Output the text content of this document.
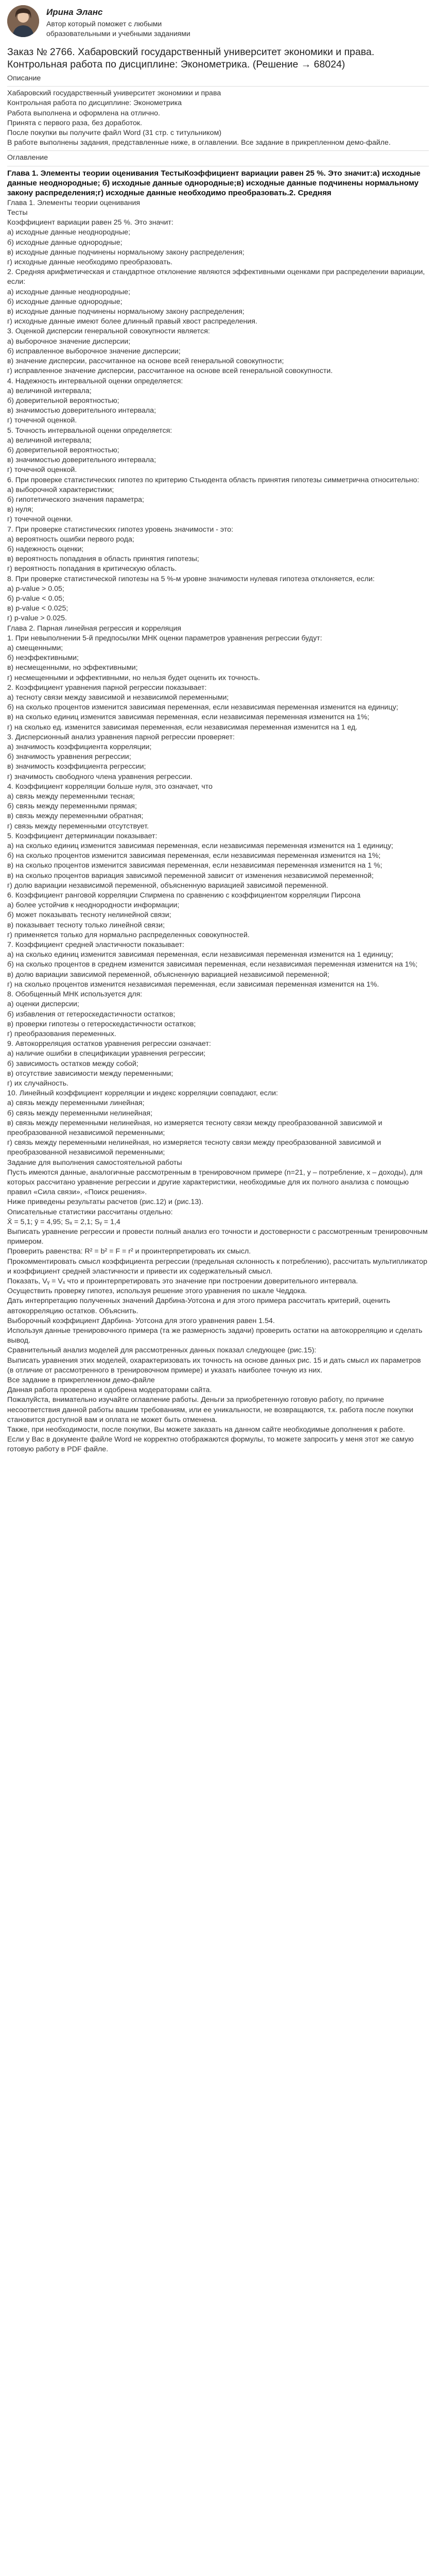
Ирина Эланс
Автор который поможет с любыми образовательными и учебными заданиями
Заказ № 2766. Хабаровский государственный университет экономики и права. Контрольная работа по дисциплине: Эконометрика. (Решение → 68024)

Описание

Хабаровский государственный университет экономики и права

Контрольная работа по дисциплине: Эконометрика

Работа выполнена и оформлена на отлично.

Принята с первого раза, без доработок.

После покупки вы получите файл Word (31 стр. с титульником)

В работе выполнены задания, представленные ниже, в оглавлении. Все задание в прикрепленном демо-файле.

Оглавление

Глава 1. Элементы теории оценивания ТестыКоэффициент вариации равен 25 %. Это значит:а) исходные данные неоднородные; б) исходные данные однородные;в) исходные данные подчинены нормальному закону распределения;г) исходные данные необходимо преобразовать.2. Средняя

Глава 1. Элементы теории оценивания

Тесты

Коэффициент вариации равен 25 %. Это значит:

а) исходные данные неоднородные;

б) исходные данные однородные;

в) исходные данные подчинены нормальному закону распределения;

г) исходные данные необходимо преобразовать.

2. Средняя арифметическая и стандартное отклонение являются эффективными оценками при распределении вариации, если:

а) исходные данные неоднородные;

б) исходные данные однородные;

в) исходные данные подчинены нормальному закону распределения;

г) исходные данные имеют более длинный правый хвост распределения.

3. Оценкой дисперсии генеральной совокупности является:

а) выборочное значение дисперсии;

б) исправленное выборочное значение дисперсии;

в) значение дисперсии, рассчитанное на основе всей генеральной совокупности;

г) исправленное значение дисперсии, рассчитанное на основе всей генеральной совокупности.

4. Надежность интервальной оценки определяется:

а) величиной интервала;

б) доверительной вероятностью;

в) значимостью доверительного интервала;

г) точечной оценкой.

5. Точность интервальной оценки определяется:

а) величиной интервала;

б) доверительной вероятностью;

в) значимостью доверительного интервала;

г) точечной оценкой.

6. При проверке статистических гипотез по критерию Стьюдента область принятия гипотезы симметрична относительно:

а) выборочной характеристики;

б) гипотетического значения параметра;

в) нуля;

г) точечной оценки.

7. При проверке статистических гипотез уровень значимости - это:

а) вероятность ошибки первого рода;

б) надежность оценки;

в) вероятность попадания в область принятия гипотезы;

г) вероятность попадания в критическую область.

8. При проверке статистической гипотезы на 5 %-м уровне значимости нулевая гипотеза отклоняется, если:

а) p-value > 0.05;

б) p-value < 0.05;

в) p-value < 0.025;

г) p-value > 0.025.

Глава 2. Парная линейная регрессия и корреляция

1. При невыполнении 5-й предпосылки МНК оценки параметров уравнения регрессии будут:

а) смещенными;

б) неэффективными;

в) несмещенными, но эффективными;

г) несмещенными и эффективными, но нельзя будет оценить их точность.

2. Коэффициент уравнения парной регрессии показывает:

а) тесноту связи между зависимой и независимой переменными;

б) на сколько процентов изменится зависимая переменная, если независимая переменная изменится на единицу;

в) на сколько единиц изменится зависимая переменная, если независимая переменная изменится на 1%;

г) на сколько ед. изменится зависимая переменная, если независимая переменная изменится на 1 ед.

3. Дисперсионный анализ уравнения парной регрессии проверяет:

а) значимость коэффициента корреляции;

б) значимость уравнения регрессии;

в) значимость коэффициента регрессии;

г) значимость свободного члена уравнения регрессии.

4. Коэффициент корреляции больше нуля, это означает, что

а) связь между переменными тесная;

б) связь между переменными прямая;

в) связь между переменными обратная;

г) связь между переменными отсутствует.

5. Коэффициент детерминации показывает:

а) на сколько единиц изменится зависимая переменная, если независимая переменная изменится на 1 единицу;

б) на сколько процентов изменится зависимая переменная, если независимая переменная изменится на 1%;

в) на сколько процентов изменится зависимая переменная, если независимая переменная изменится на 1 %;

в) на сколько процентов вариация зависимой переменной зависит от изменения независимой переменной;

г) долю вариации независимой переменной, объясненную вариацией зависимой переменной.

6. Коэффициент ранговой корреляции Спирмена по сравнению с коэффициентом корреляции Пирсона

а) более устойчив к неоднородности информации;

б) может показывать тесноту нелинейной связи;

в) показывает тесноту только линейной связи;

г) применяется только для нормально распределенных совокупностей.

7. Коэффициент средней эластичности показывает:

а) на сколько единиц изменится зависимая переменная, если независимая переменная изменится на 1 единицу;

б) на сколько процентов в среднем изменится зависимая переменная, если независимая переменная изменится на 1%;

в) долю вариации зависимой переменной, объясненную вариацией независимой переменной;

г) на сколько процентов изменится независимая переменная, если зависимая переменная изменится на 1%.

8. Обобщенный МНК используется для:

а) оценки дисперсии;

б) избавления от гетероскедастичности остатков;

в) проверки гипотезы о гетероскедастичности остатков;

г) преобразования переменных.

9. Автокорреляция остатков уравнения регрессии означает:

а) наличие ошибки в спецификации уравнения регрессии;

б) зависимость остатков между собой;

в) отсутствие зависимости между переменными;

г) их случайность.

10. Линейный коэффициент корреляции и индекс корреляции совпадают, если:

а) связь между переменными линейная;

б) связь между переменными нелинейная;

в) связь между переменными нелинейная, но измеряется тесноту связи между преобразованной зависимой и преобразованной независимой переменными;

г) связь между переменными нелинейная, но измеряется тесноту связи между преобразованной зависимой и преобразованной независимой переменными;

Задание для выполнения самостоятельной работы

Пусть имеются данные, аналогичные рассмотренным в тренировочном примере (n=21, y – потребление, x – доходы), для которых рассчитано уравнение регрессии и другие характеристики, необходимые для их полного анализа с помощью правил «Сила связи», «Поиск решения».

Ниже приведены результаты расчетов (рис.12) и (рис.13).

Описательные статистики рассчитаны отдельно:

X̄ = 5,1; ȳ = 4,95; Sₓ = 2,1; Sᵧ = 1,4

Выписать уравнение регрессии и провести полный анализ его точности и достоверности с рассмотренным тренировочным примером.

Проверить равенства: R² = b² = F = r² и проинтерпретировать их смысл.

Прокомментировать смысл коэффициента регрессии (предельная склонность к потреблению), рассчитать мультипликатор и коэффициент средней эластичности и привести их содержательный смысл.

Показать, Vᵧ = Vₓ что и проинтерпретировать это значение при построении доверительного интервала.

Осуществить проверку гипотез, используя решение этого уравнения по шкале Чеддока.

Дать интерпретацию полученных значений Дарбина-Уотсона и для этого примера рассчитать критерий, оценить автокорреляцию остатков. Объяснить.

Выборочный коэффициент Дарбина- Уотсона для этого уравнения равен 1.54.

Используя данные тренировочного примера (та же размерность задачи) проверить остатки на автокорреляцию и сделать вывод.

Сравнительный анализ моделей для рассмотренных данных показал следующее (рис.15):

Выписать уравнения этих моделей, охарактеризовать их точность на основе данных рис. 15 и дать смысл их параметров (в отличие от рассмотренного в тренировочном примере) и указать наиболее точную из них.

Все задание в прикрепленном демо-файле

Данная работа проверена и одобрена модераторами сайта.

Пожалуйста, внимательно изучайте оглавление работы. Деньги за приобретенную готовую работу, по причине несоответствия данной работы вашим требованиям, или ее уникальности, не возвращаются, т.к. работа после покупки становится доступной вам и оплата не может быть отменена.

Также, при необходимости, после покупки, Вы можете заказать на данном сайте необходимые дополнения к работе.

Если у Вас в документе файле Word не корректно отображаются формулы, то можете запросить у меня этот же самую готовую работу в PDF файле.
